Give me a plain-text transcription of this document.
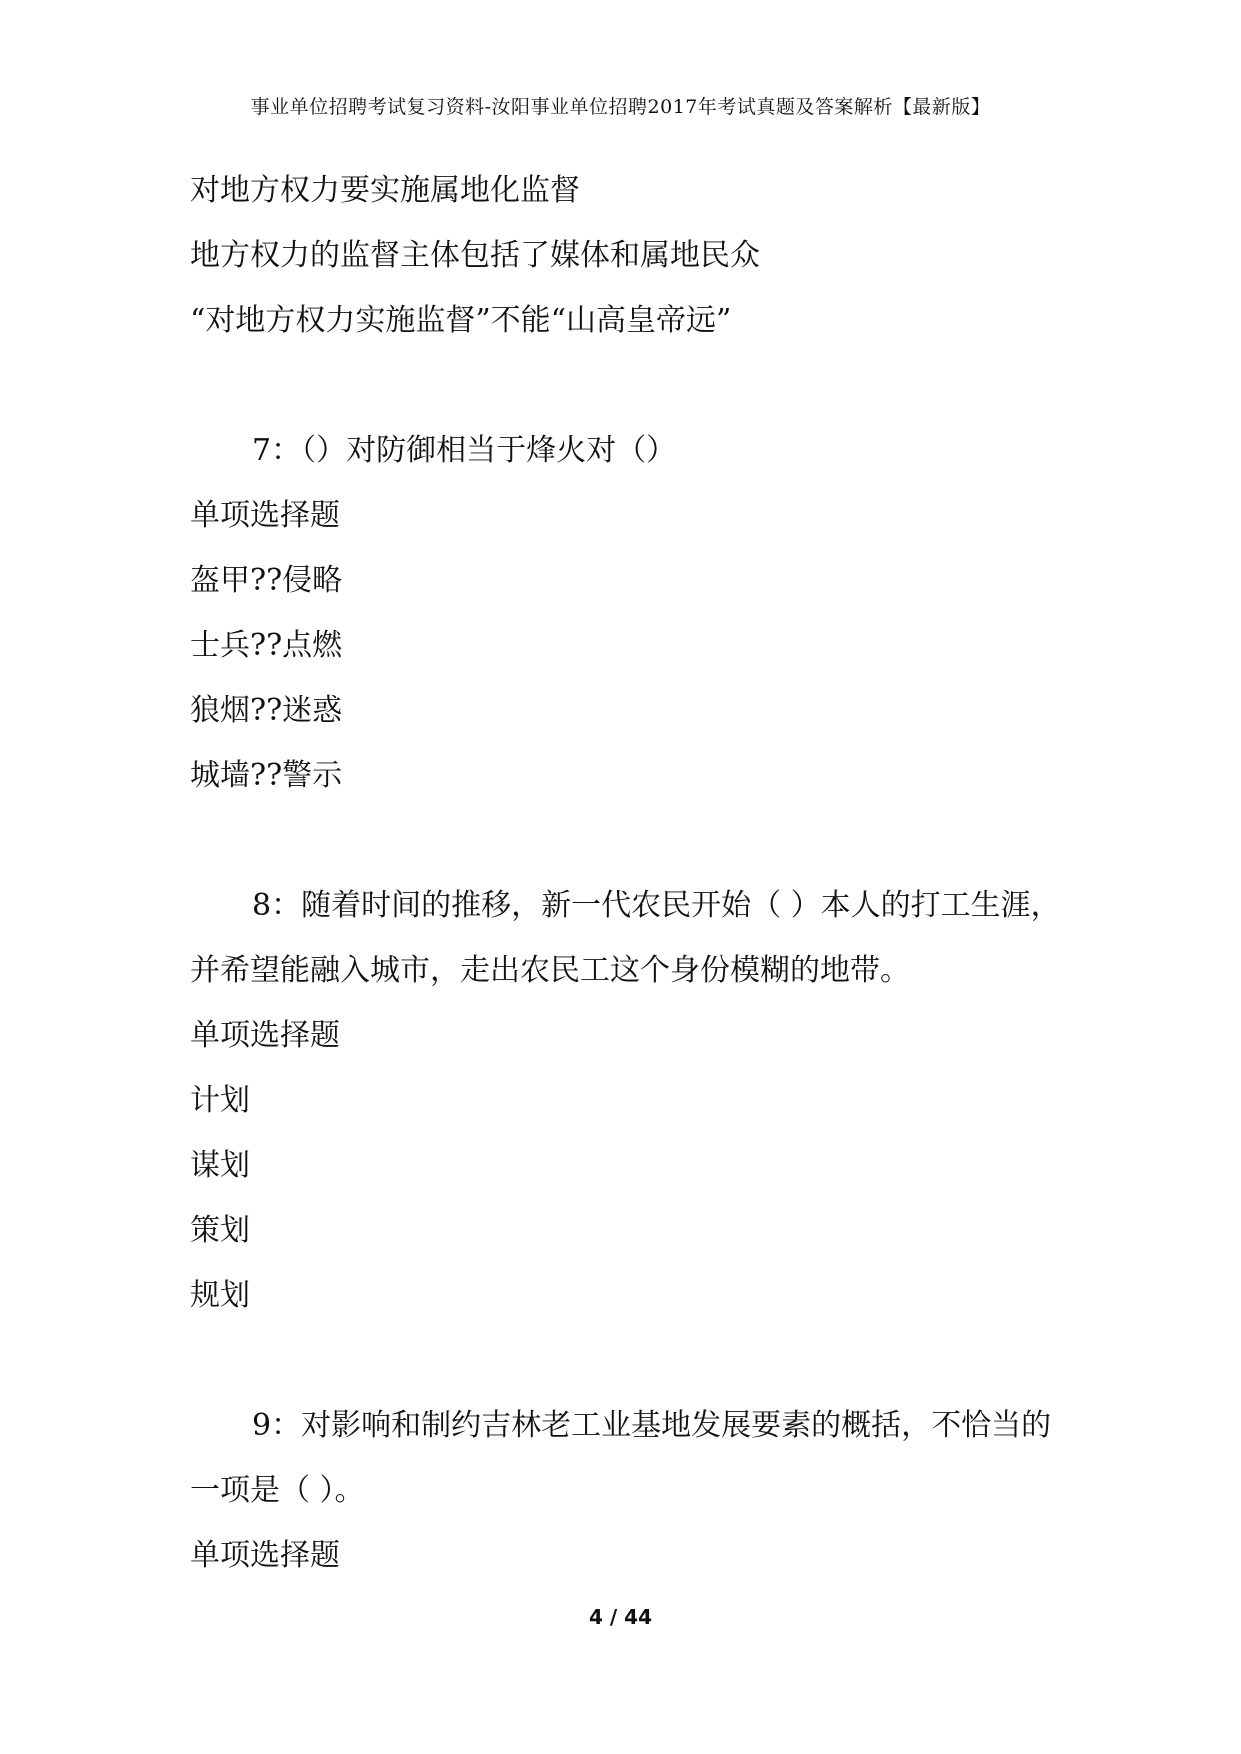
事业单位招聘考试复习资料-汝阳事业单位招聘2017年考试真题及答案解析【最新版】
对地方权力要实施属地化监督
地方权力的监督主体包括了媒体和属地民众
“对地方权力实施监督”不能“山高皇帝远”
7：（）对防御相当于烽火对（）
单项选择题
盔甲??侵略
士兵??点燃
狼烟??迷惑
城墙??警示
8：随着时间的推移，新一代农民开始（ ）本人的打工生涯，并希望能融入城市，走出农民工这个身份模糊的地带。
单项选择题
计划
谋划
策划
规划
9：对影响和制约吉林老工业基地发展要素的概括，不恰当的一项是（ ）。
单项选择题
4 / 44
